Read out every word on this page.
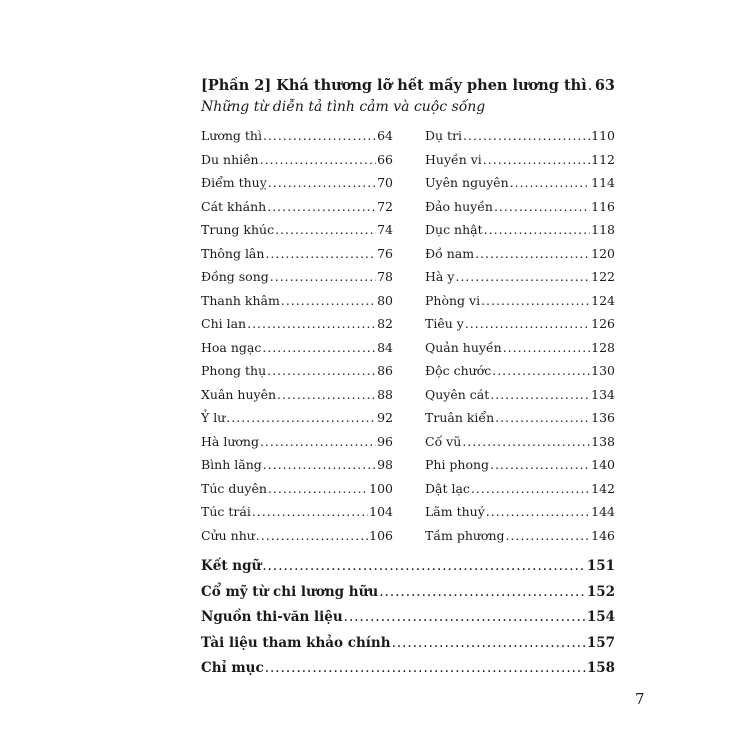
[Phần 2] Khá thương lỡ hết mấy phen lương thì ..... 63
Những từ diễn tả tình cảm và cuộc sống
Lương thì .....	64
Du nhiên .....	66
Điểm thuỵ .....	70
Cát khánh .....	72
Trung khúc .....	74
Thông lân .....	76
Đồng song .....	78
Thanh khâm .....	80
Chi lan .....	82
Hoa ngạc .....	84
Phong thụ .....	86
Xuân huyên .....	88
Ỷ lư .....	92
Hà lương .....	96
Bình lăng .....	98
Túc duyên .....	100
Túc trái .....	104
Cửu như .....	106
Dụ tri .....	110
Huyền vi .....	112
Uyên nguyên .....	114
Đảo huyền .....	116
Dục nhật .....	118
Đồ nam .....	120
Hà y .....	122
Phòng vi .....	124
Tiêu y .....	126
Quản huyền .....	128
Độc chước .....	130
Quyên cát .....	134
Truân kiển .....	136
Cố vũ .....	138
Phi phong .....	140
Dật lạc .....	142
Lãm thuý .....	144
Tầm phương .....	146
Kết ngữ .....	151
Cổ mỹ từ chi lương hữu .....	152
Nguồn thi-văn liệu .....	154
Tài liệu tham khảo chính .....	157
Chỉ mục .....	158
7
